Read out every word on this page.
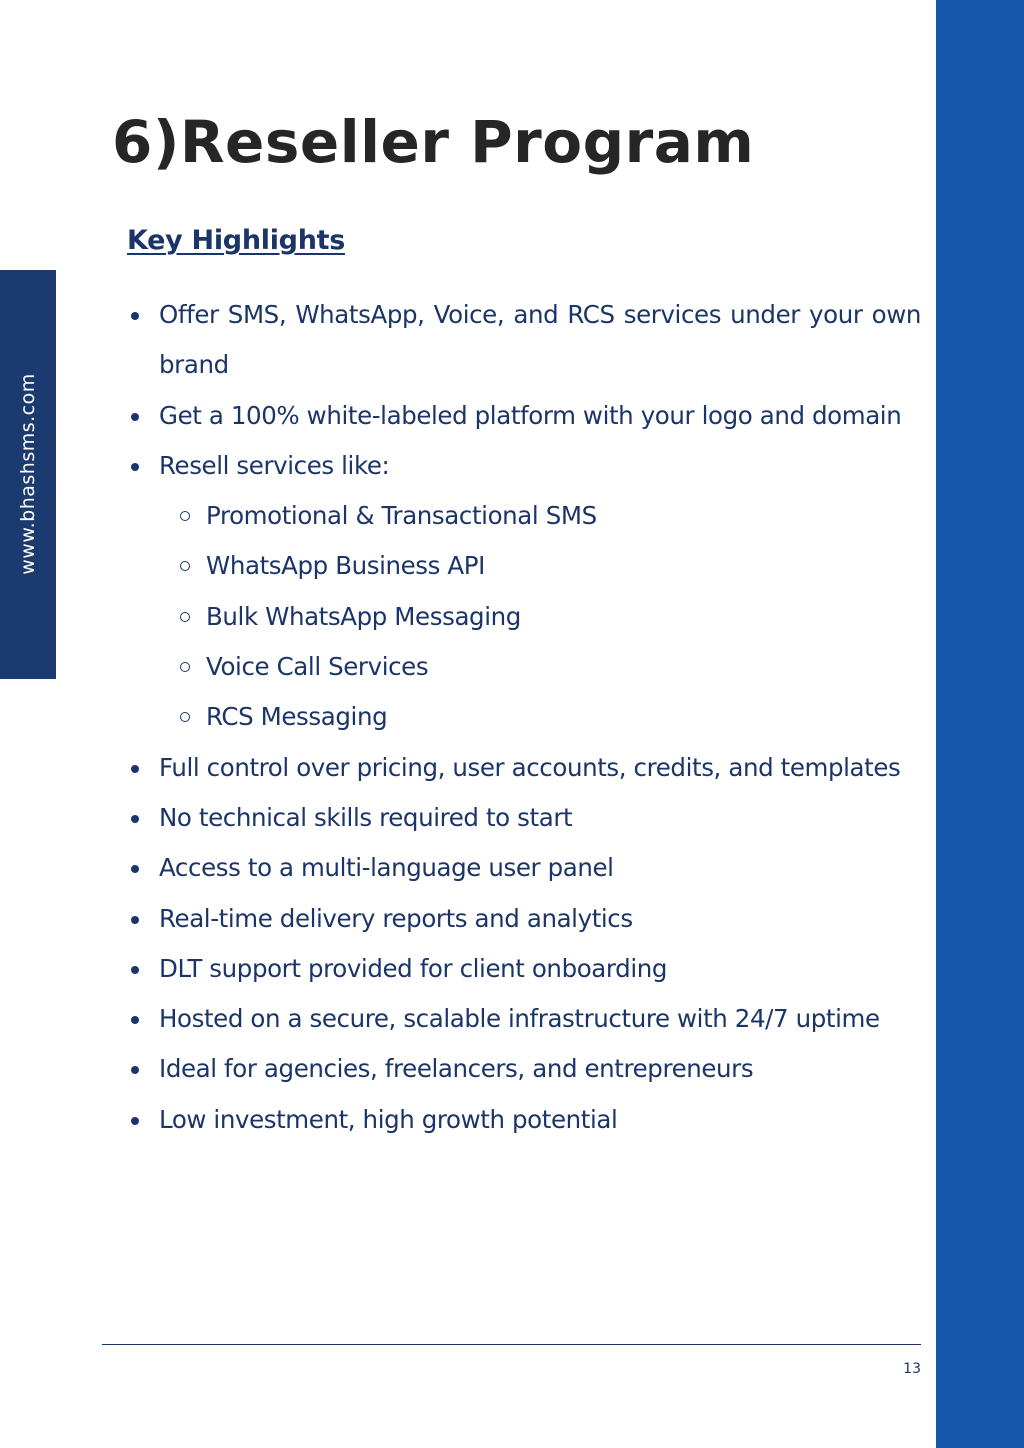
www.bhashsms.com
6)Reseller Program
Key Highlights
Offer SMS, WhatsApp, Voice, and RCS services under your own brand
Get a 100% white-labeled platform with your logo and domain
Resell services like:
Promotional & Transactional SMS
WhatsApp Business API
Bulk WhatsApp Messaging
Voice Call Services
RCS Messaging
Full control over pricing, user accounts, credits, and templates
No technical skills required to start
Access to a multi-language user panel
Real-time delivery reports and analytics
DLT support provided for client onboarding
Hosted on a secure, scalable infrastructure with 24/7 uptime
Ideal for agencies, freelancers, and entrepreneurs
Low investment, high growth potential
13
